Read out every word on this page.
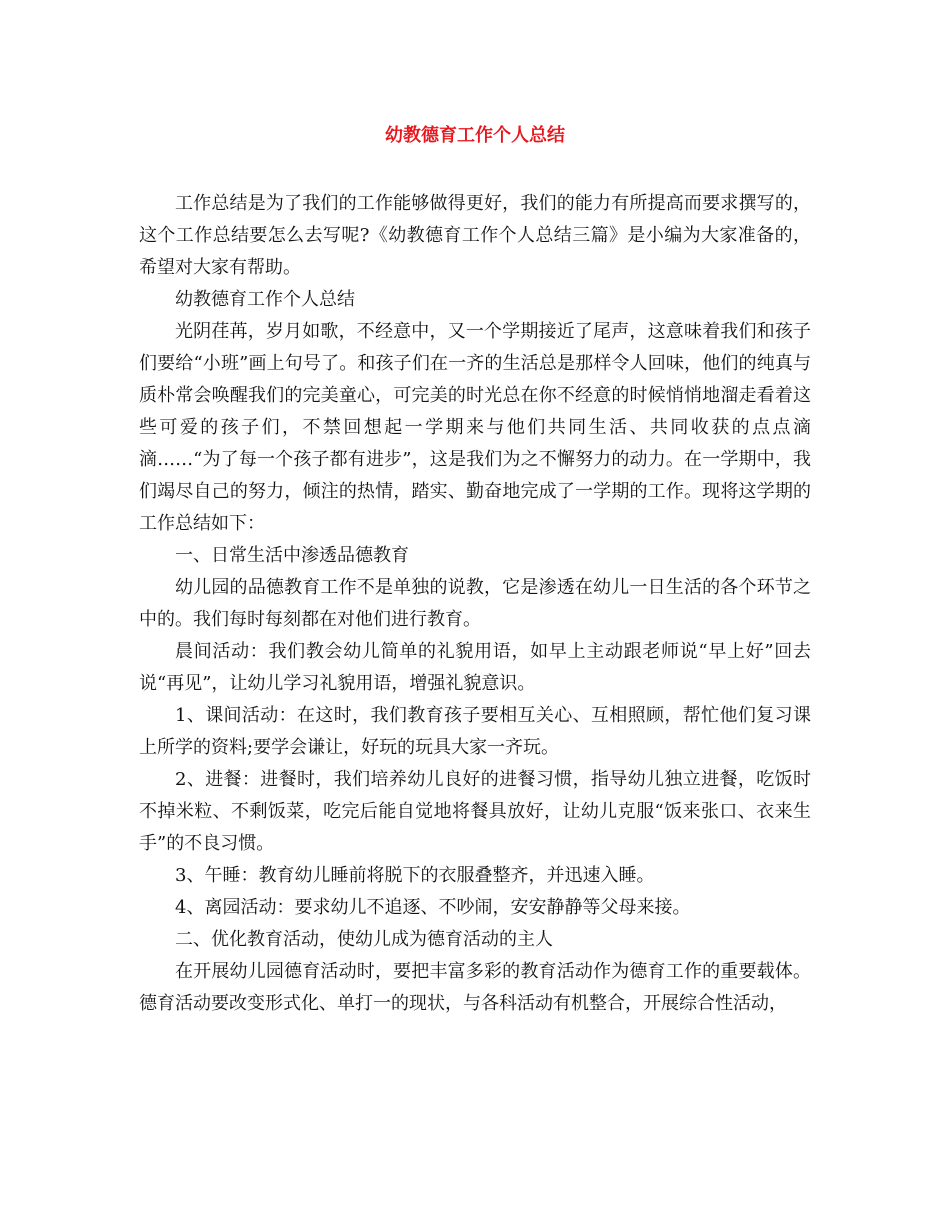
幼教德育工作个人总结

工作总结是为了我们的工作能够做得更好，我们的能力有所提高而要求撰写的，这个工作总结要怎么去写呢?《幼教德育工作个人总结三篇》是小编为大家准备的，希望对大家有帮助。

幼教德育工作个人总结

光阴荏苒，岁月如歌，不经意中，又一个学期接近了尾声，这意味着我们和孩子们要给“小班”画上句号了。和孩子们在一齐的生活总是那样令人回味，他们的纯真与质朴常会唤醒我们的完美童心，可完美的时光总在你不经意的时候悄悄地溜走看着这些可爱的孩子们，不禁回想起一学期来与他们共同生活、共同收获的点点滴滴……“为了每一个孩子都有进步”，这是我们为之不懈努力的动力。在一学期中，我们竭尽自己的努力，倾注的热情，踏实、勤奋地完成了一学期的工作。现将这学期的工作总结如下：

一、日常生活中渗透品德教育

幼儿园的品德教育工作不是单独的说教，它是渗透在幼儿一日生活的各个环节之中的。我们每时每刻都在对他们进行教育。

晨间活动：我们教会幼儿简单的礼貌用语，如早上主动跟老师说“早上好”回去说“再见”，让幼儿学习礼貌用语，增强礼貌意识。

1、课间活动：在这时，我们教育孩子要相互关心、互相照顾，帮忙他们复习课上所学的资料;要学会谦让，好玩的玩具大家一齐玩。

2、进餐：进餐时，我们培养幼儿良好的进餐习惯，指导幼儿独立进餐，吃饭时不掉米粒、不剩饭菜，吃完后能自觉地将餐具放好，让幼儿克服“饭来张口、衣来生手”的不良习惯。

3、午睡：教育幼儿睡前将脱下的衣服叠整齐，并迅速入睡。

4、离园活动：要求幼儿不追逐、不吵闹，安安静静等父母来接。

二、优化教育活动，使幼儿成为德育活动的主人

在开展幼儿园德育活动时，要把丰富多彩的教育活动作为德育工作的重要载体。德育活动要改变形式化、单打一的现状，与各科活动有机整合，开展综合性活动，
